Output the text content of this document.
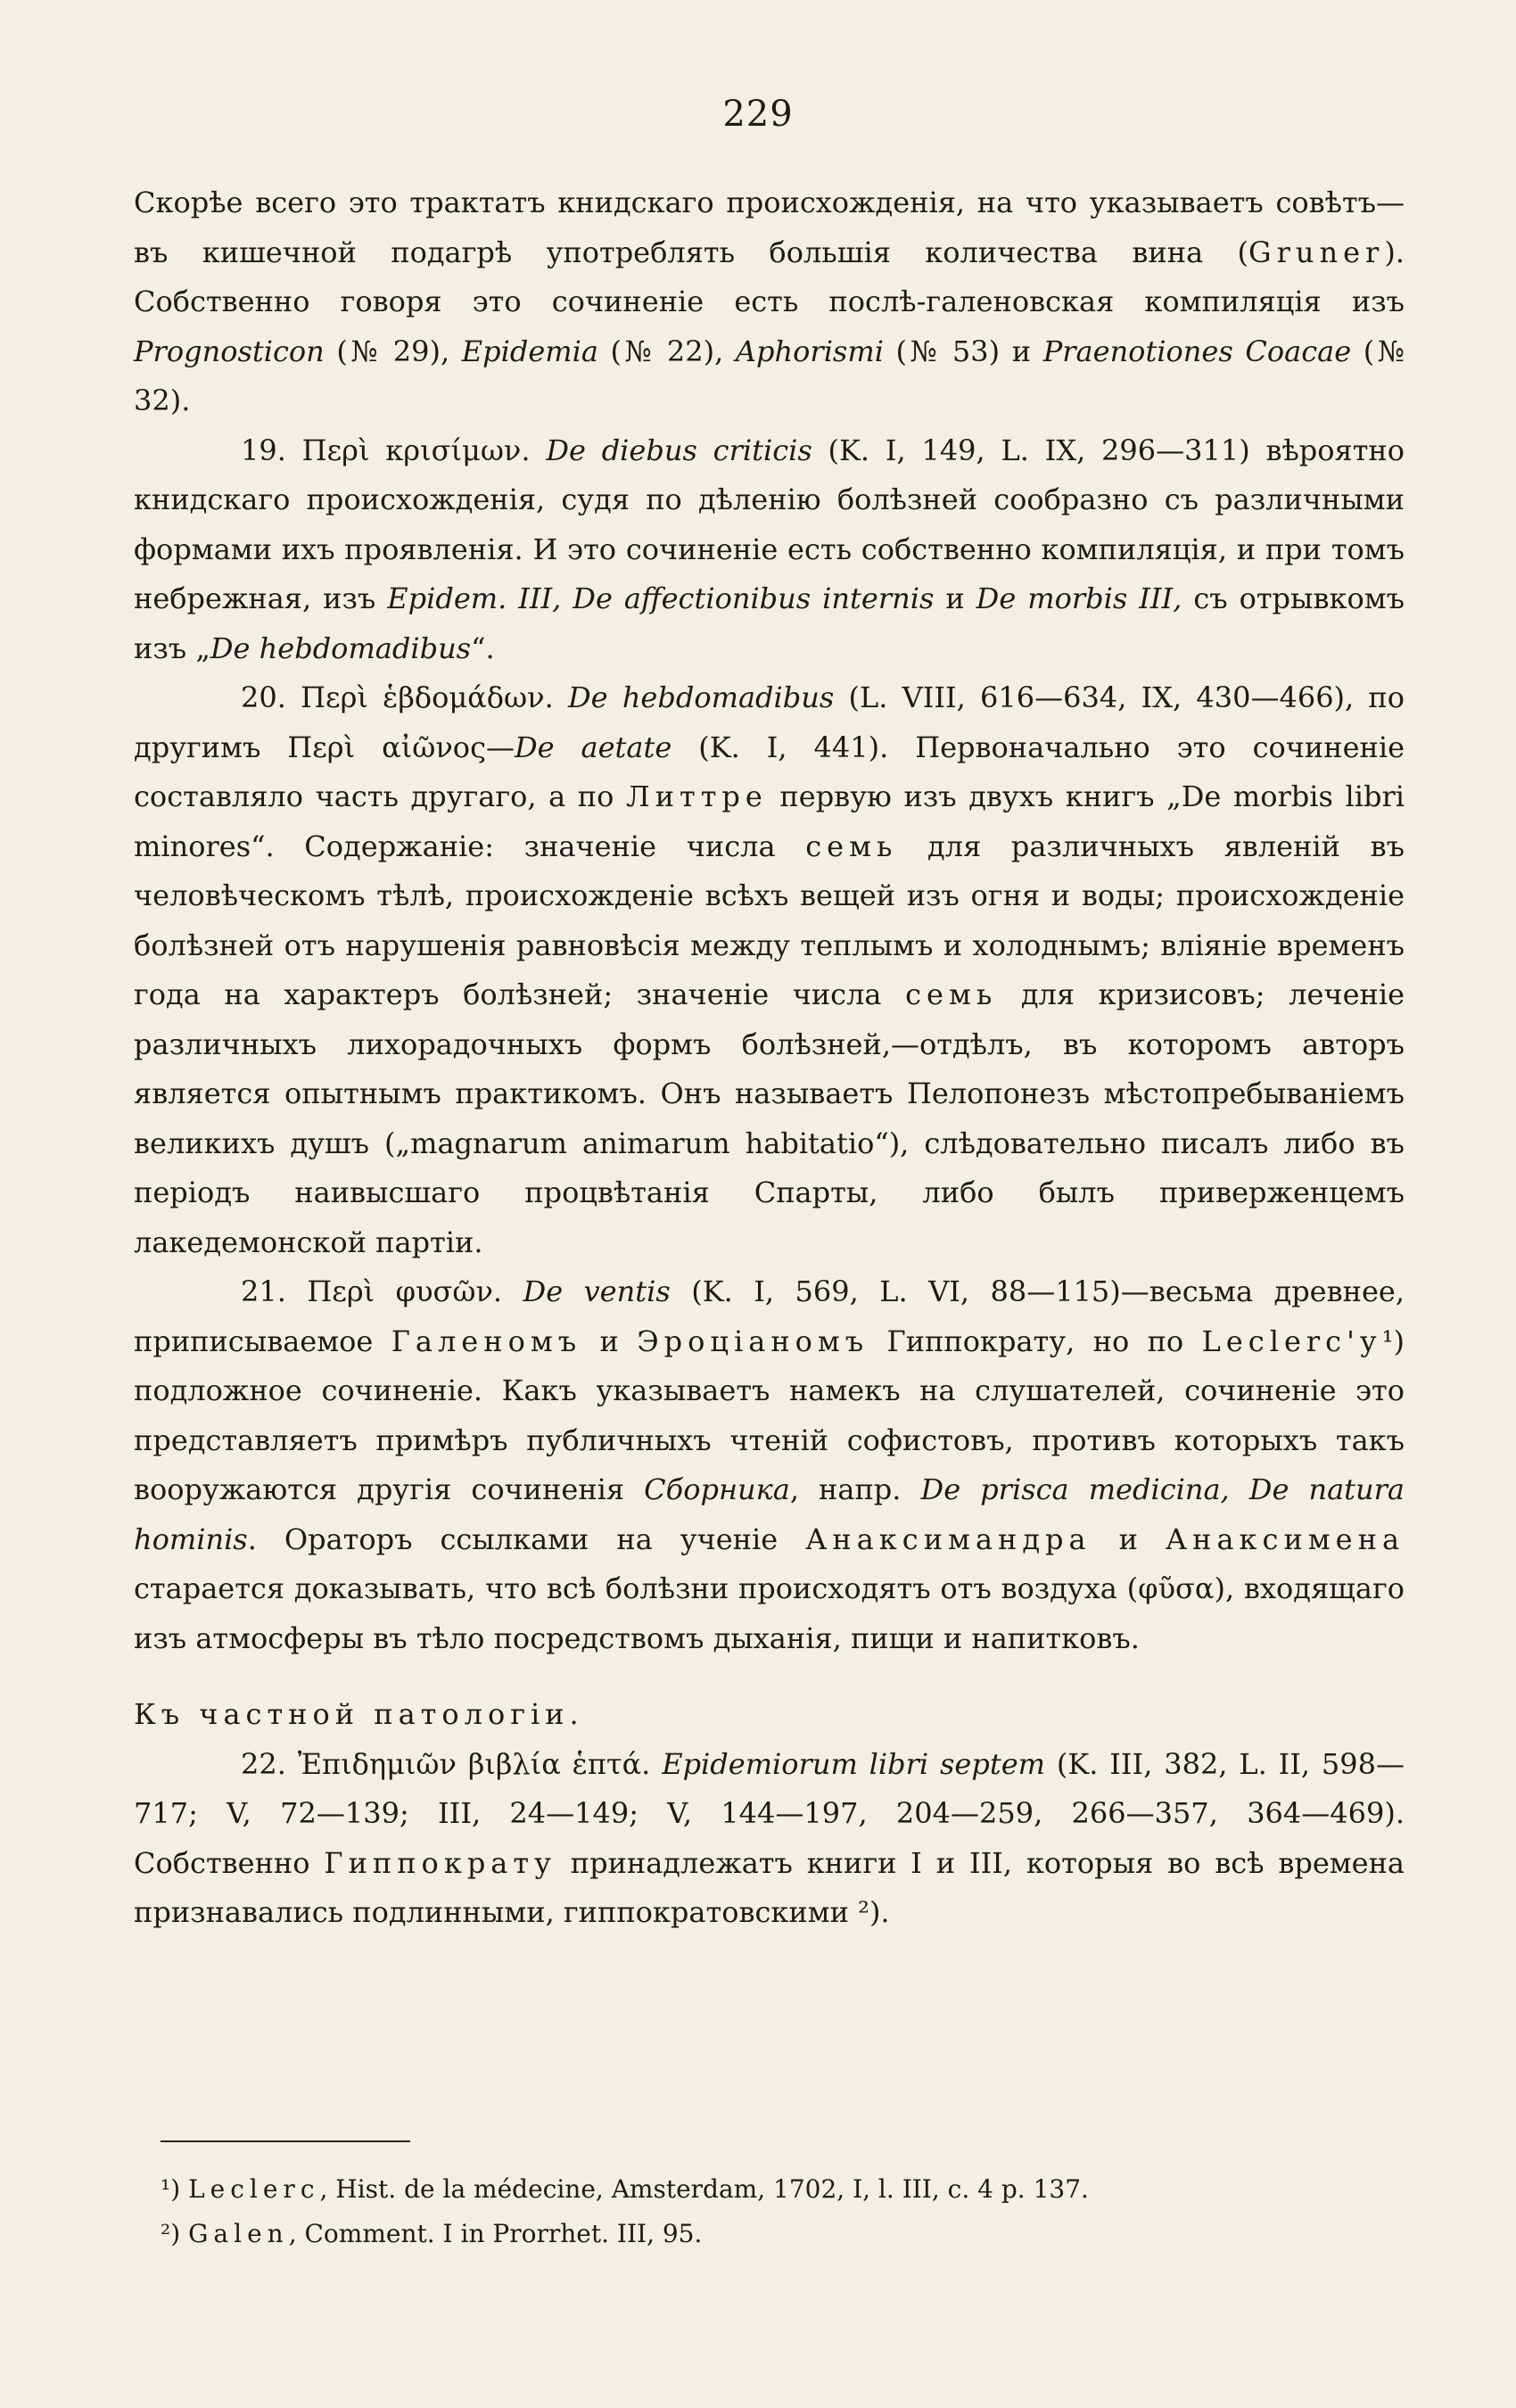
229

Скорѣе всего это трактатъ книдскаго происхожденія, на что указываетъ совѣтъ—въ кишечной подагрѣ употреблять большія количества вина (Gruner). Собственно говоря это сочиненіе есть послѣ-галеновская компиляція изъ Prognosticon (№ 29), Epidemia (№ 22), Aphorismi (№ 53) и Praenotiones Coacae (№ 32).

19. Περὶ κρισίμων. De diebus criticis (K. I, 149, L. IX, 296—311) вѣроятно книдскаго происхожденія, судя по дѣленію болѣзней сообразно съ различными формами ихъ проявленія. И это сочиненіе есть собственно компиляція, и при томъ небрежная, изъ Epidem. III, De affectionibus internis и De morbis III, съ отрывкомъ изъ „De hebdomadibus“.

20. Περὶ ἑβδομάδων. De hebdomadibus (L. VIII, 616—634, IX, 430—466), по другимъ Περὶ αἰῶνος—De aetate (K. I, 441). Первоначально это сочиненіе составляло часть другаго, а по Литтре первую изъ двухъ книгъ „De morbis libri minores“. Содержаніе: значеніе числа семь для различныхъ явленій въ человѣческомъ тѣлѣ, происхожденіе всѣхъ вещей изъ огня и воды; происхожденіе болѣзней отъ нарушенія равновѣсія между теплымъ и холоднымъ; вліяніе временъ года на характеръ болѣзней; значеніе числа семь для кризисовъ; леченіе различныхъ лихорадочныхъ формъ болѣзней,—отдѣлъ, въ которомъ авторъ является опытнымъ практикомъ. Онъ называетъ Пелопонезъ мѣстопребываніемъ великихъ душъ („magnarum animarum habitatio“), слѣдовательно писалъ либо въ періодъ наивысшаго процвѣтанія Спарты, либо былъ приверженцемъ лакедемонской партіи.

21. Περὶ φυσῶν. De ventis (K. I, 569, L. VI, 88—115)—весьма древнее, приписываемое Галеномъ и Эроціаномъ Гиппократу, но по Leclerc'у¹) подложное сочиненіе. Какъ указываетъ намекъ на слушателей, сочиненіе это представляетъ примѣръ публичныхъ чтеній софистовъ, противъ которыхъ такъ вооружаются другія сочиненія Сборника, напр. De prisca medicina, De natura hominis. Ораторъ ссылками на ученіе Анаксимандра и Анаксимена старается доказывать, что всѣ болѣзни происходятъ отъ воздуха (φῦσα), входящаго изъ атмосферы въ тѣло посредствомъ дыханія, пищи и напитковъ.

Къ частной патологіи.

22. Ἐπιδημιῶν βιβλία ἑπτά. Epidemiorum libri septem (K. III, 382, L. II, 598—717; V, 72—139; III, 24—149; V, 144—197, 204—259, 266—357, 364—469). Собственно Гиппократу принадлежатъ книги I и III, которыя во всѣ времена признавались подлинными, гиппократовскими ²).

¹) Leclerc, Hist. de la médecine, Amsterdam, 1702, I, l. III, c. 4 p. 137.

²) Galen, Comment. I in Prorrhet. III, 95.
